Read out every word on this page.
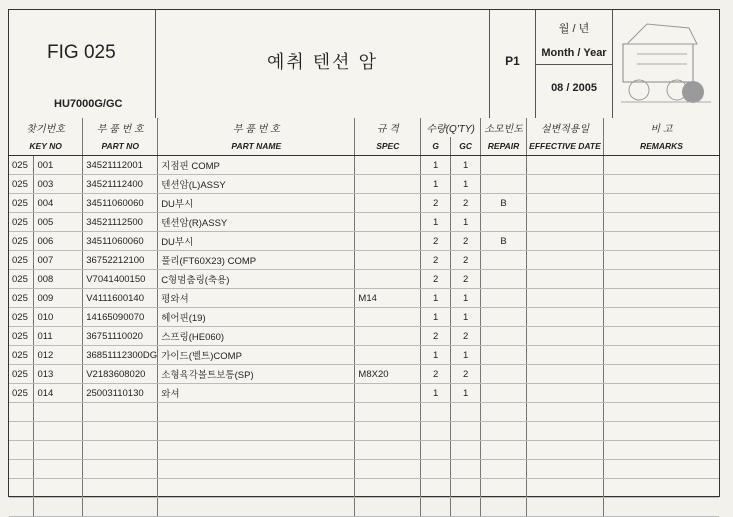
FIG 025
HU7000G/GC
예취 텐션 암	P1
월 / 년
Month / Year
08 / 2005
찾기번호		부 품 번 호	부 품 번 호	규 격	수량(Q'TY)		소모빈도	설변적용일	비 고
KEY NO		PART NO	PART NAME	SPEC	G	GC	REPAIR	EFFECTIVE DATE	REMARKS
025	001	34521112001	지점핀 COMP		1	1			
025	003	34521112400	텐션암(L)ASSY		1	1			
025	004	34511060060	DU부시		2	2	B		
025	005	34521112500	텐션암(R)ASSY		1	1			
025	006	34511060060	DU부시		2	2	B		
025	007	36752212100	풀리(FT60X23) COMP		2	2			
025	008	V7041400150	C형멈춤링(축용)		2	2			
025	009	V4111600140	평와셔	M14	1	1			
025	010	14165090070	헤어핀(19)		1	1			
025	011	36751110020	스프링(HE060)		2	2			
025	012	36851112300DG	가이드(벨트)COMP		1	1			
025	013	V2183608020	소형육각볼트보통(SP)	M8X20	2	2			
025	014	25003110130	와셔		1	1			
